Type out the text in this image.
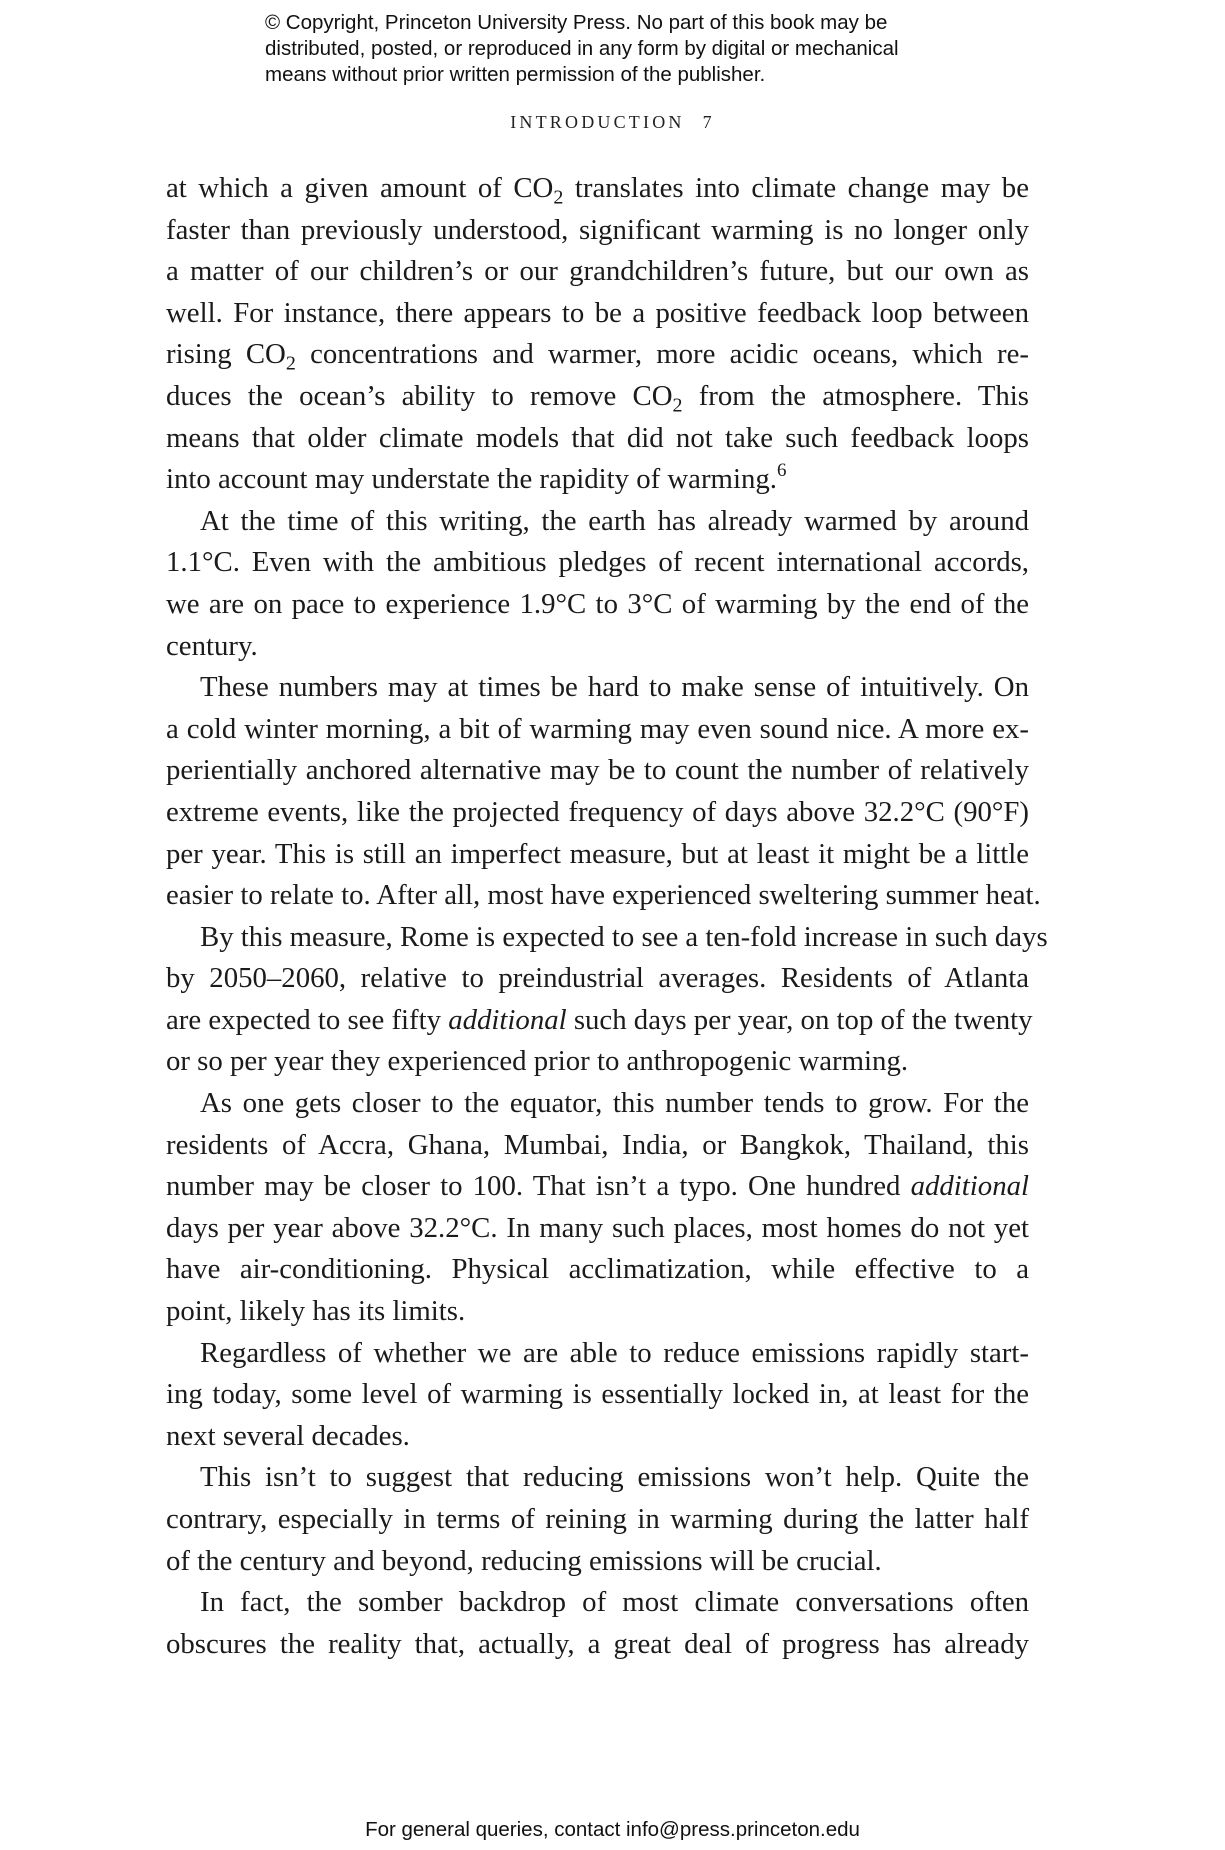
© Copyright, Princeton University Press. No part of this book may be
distributed, posted, or reproduced in any form by digital or mechanical
means without prior written permission of the publisher.
INTRODUCTION 7
at which a given amount of $CO_2$ translates into climate change may be
faster than previously understood, significant warming is no longer only
a matter of our children’s or our grandchildren’s future, but our own as
well. For instance, there appears to be a positive feedback loop between
rising $CO_2$ concentrations and warmer, more acidic oceans, which re-
duces the ocean’s ability to remove $CO_2$ from the atmosphere. This
means that older climate models that did not take such feedback loops
into account may understate the rapidity of warming.$^6$
At the time of this writing, the earth has already warmed by around
1.1°C. Even with the ambitious pledges of recent international accords,
we are on pace to experience 1.9°C to 3°C of warming by the end of the
century.
These numbers may at times be hard to make sense of intuitively. On
a cold winter morning, a bit of warming may even sound nice. A more ex-
perientially anchored alternative may be to count the number of relatively
extreme events, like the projected frequency of days above 32.2°C (90°F)
per year. This is still an imperfect measure, but at least it might be a little
easier to relate to. After all, most have experienced sweltering summer heat.
By this measure, Rome is expected to see a ten-fold increase in such days
by 2050–2060, relative to preindustrial averages. Residents of Atlanta
are expected to see fifty additional such days per year, on top of the twenty
or so per year they experienced prior to anthropogenic warming.
As one gets closer to the equator, this number tends to grow. For the
residents of Accra, Ghana, Mumbai, India, or Bangkok, Thailand, this
number may be closer to 100. That isn’t a typo. One hundred additional
days per year above 32.2°C. In many such places, most homes do not yet
have air-conditioning. Physical acclimatization, while effective to a
point, likely has its limits.
Regardless of whether we are able to reduce emissions rapidly start-
ing today, some level of warming is essentially locked in, at least for the
next several decades.
This isn’t to suggest that reducing emissions won’t help. Quite the
contrary, especially in terms of reining in warming during the latter half
of the century and beyond, reducing emissions will be crucial.
In fact, the somber backdrop of most climate conversations often
obscures the reality that, actually, a great deal of progress has already
For general queries, contact info@press.princeton.edu
